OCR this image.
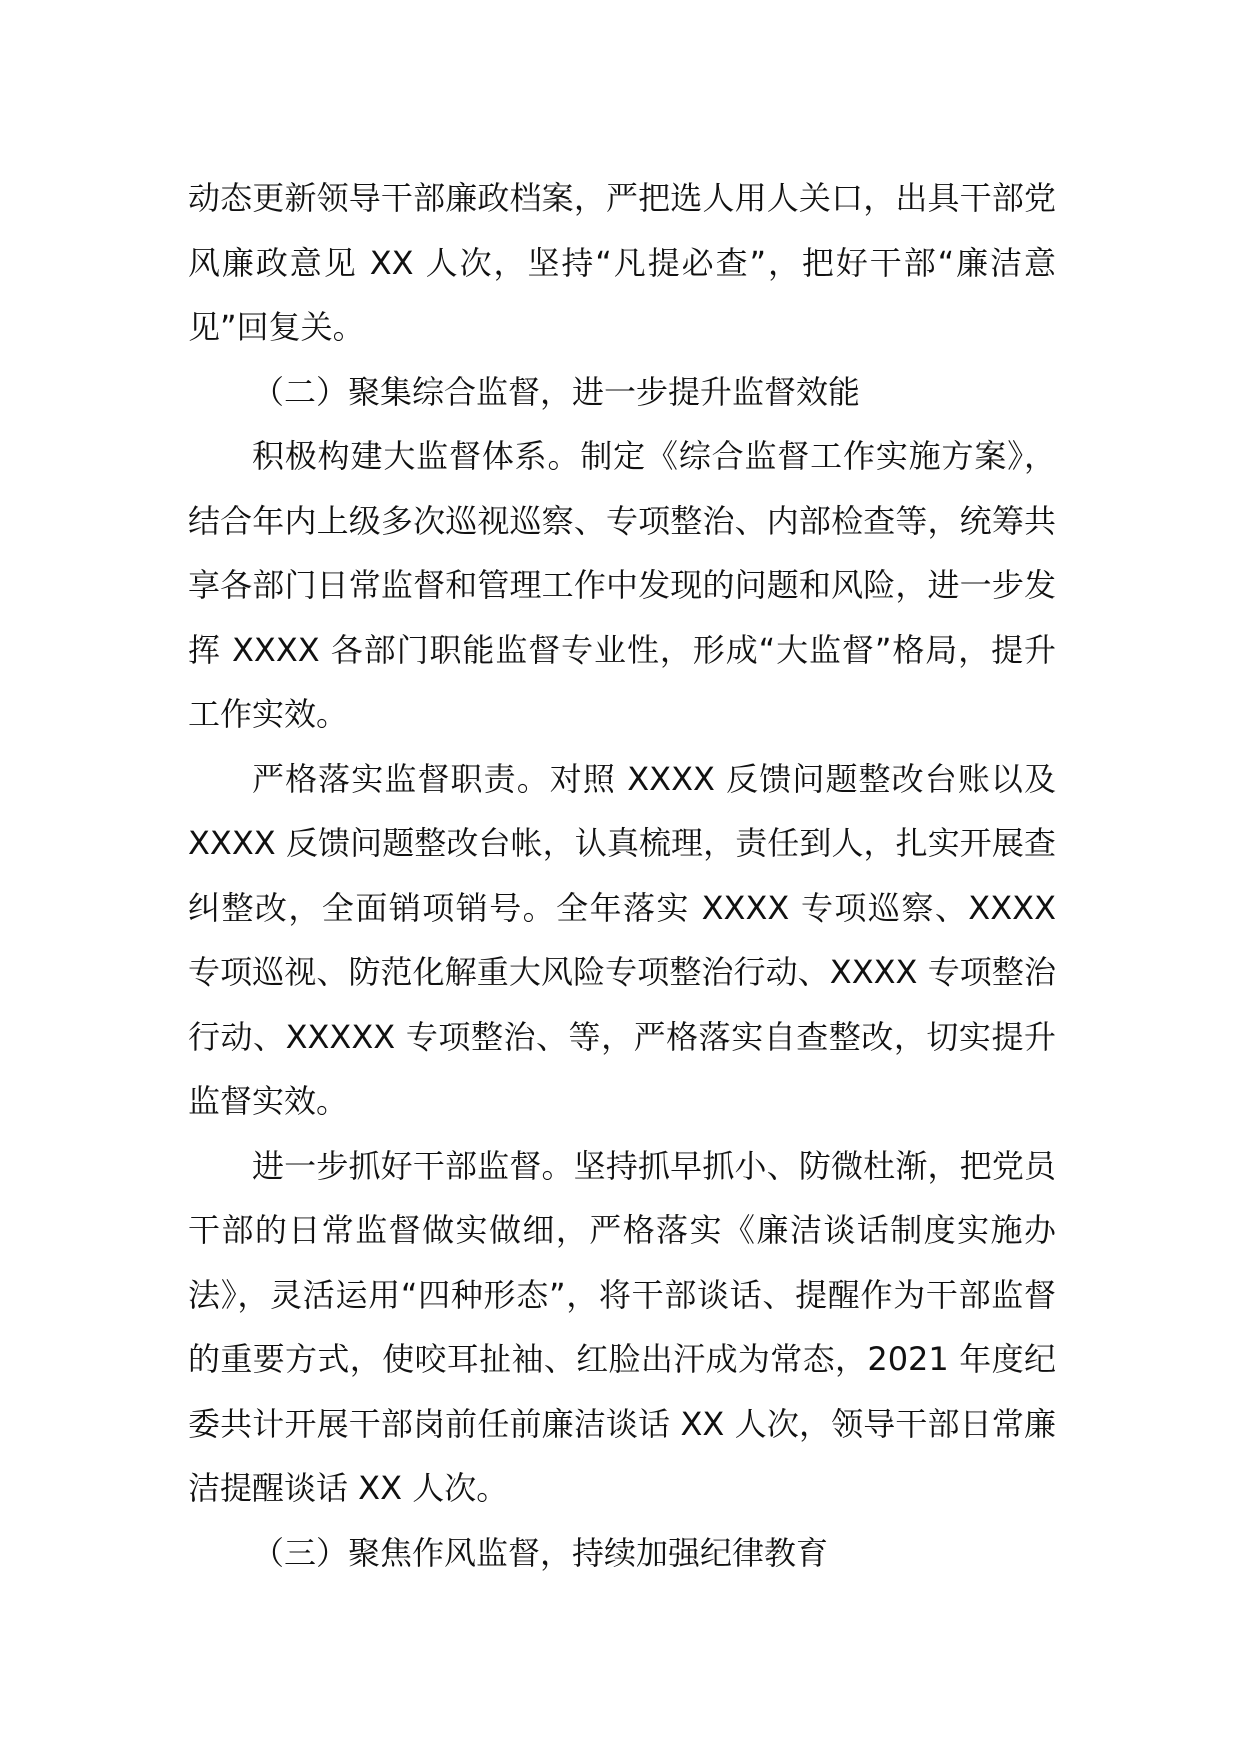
动态更新领导干部廉政档案，严把选人用人关口，出具干部党风廉政意见 XX 人次，坚持“凡提必查”，把好干部“廉洁意见”回复关。

（二）聚集综合监督，进一步提升监督效能

积极构建大监督体系。制定《综合监督工作实施方案》，结合年内上级多次巡视巡察、专项整治、内部检查等，统筹共享各部门日常监督和管理工作中发现的问题和风险，进一步发挥 XXXX 各部门职能监督专业性，形成“大监督”格局，提升工作实效。

严格落实监督职责。对照 XXXX 反馈问题整改台账以及 XXXX 反馈问题整改台帐，认真梳理，责任到人，扎实开展查纠整改，全面销项销号。全年落实 XXXX 专项巡察、XXXX 专项巡视、防范化解重大风险专项整治行动、XXXX 专项整治行动、XXXXX 专项整治、等，严格落实自查整改，切实提升监督实效。

进一步抓好干部监督。坚持抓早抓小、防微杜渐，把党员干部的日常监督做实做细，严格落实《廉洁谈话制度实施办法》，灵活运用“四种形态”，将干部谈话、提醒作为干部监督的重要方式，使咬耳扯袖、红脸出汗成为常态，2021 年度纪委共计开展干部岗前任前廉洁谈话 XX 人次，领导干部日常廉洁提醒谈话 XX 人次。

（三）聚焦作风监督，持续加强纪律教育
